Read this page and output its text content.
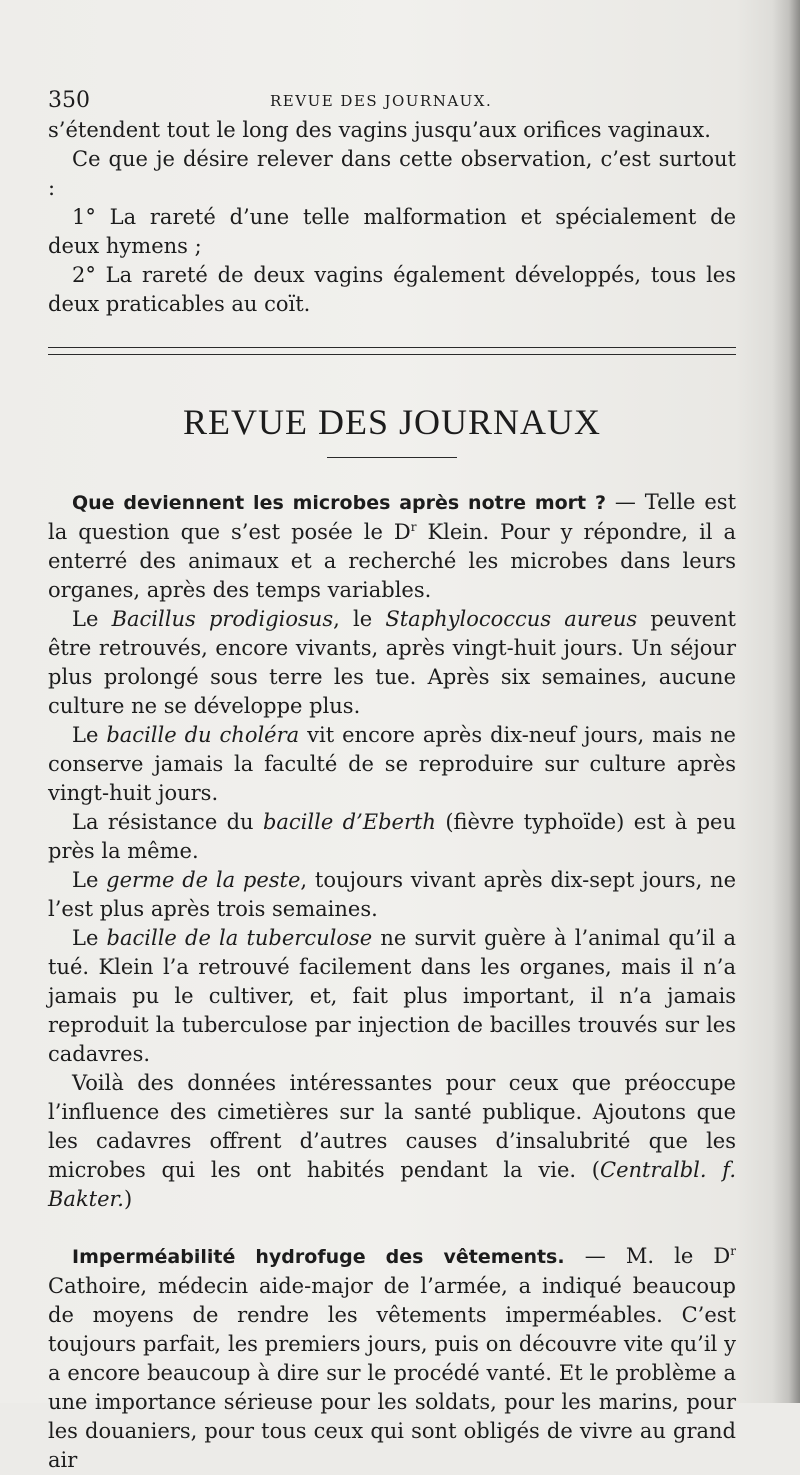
350	REVUE DES JOURNAUX.

s’étendent tout le long des vagins jusqu’aux orifices vaginaux.

Ce que je désire relever dans cette observation, c’est surtout :

1° La rareté d’une telle malformation et spécialement de deux hymens ;

2° La rareté de deux vagins également développés, tous les deux praticables au coït.

REVUE DES JOURNAUX

Que deviennent les microbes après notre mort ? — Telle est la question que s’est posée le $D^r$ Klein. Pour y répondre, il a enterré des animaux et a recherché les microbes dans leurs organes, après des temps variables.

Le Bacillus prodigiosus, le Staphylococcus aureus peuvent être retrouvés, encore vivants, après vingt-huit jours. Un séjour plus prolongé sous terre les tue. Après six semaines, aucune culture ne se développe plus.

Le bacille du choléra vit encore après dix-neuf jours, mais ne conserve jamais la faculté de se reproduire sur culture après vingt-huit jours.

La résistance du bacille d’Eberth (fièvre typhoïde) est à peu près la même.

Le germe de la peste, toujours vivant après dix-sept jours, ne l’est plus après trois semaines.

Le bacille de la tuberculose ne survit guère à l’animal qu’il a tué. Klein l’a retrouvé facilement dans les organes, mais il n’a jamais pu le cultiver, et, fait plus important, il n’a jamais reproduit la tuberculose par injection de bacilles trouvés sur les cadavres.

Voilà des données intéressantes pour ceux que préoccupe l’influence des cimetières sur la santé publique. Ajoutons que les cadavres offrent d’autres causes d’insalubrité que les microbes qui les ont habités pendant la vie. (Centralbl. f. Bakter.)

Imperméabilité hydrofuge des vêtements. — M. le $D^r$ Cathoire, médecin aide-major de l’armée, a indiqué beaucoup de moyens de rendre les vêtements imperméables. C’est toujours parfait, les premiers jours, puis on découvre vite qu’il y a encore beaucoup à dire sur le procédé vanté. Et le problème a une importance sérieuse pour les soldats, pour les marins, pour les douaniers, pour tous ceux qui sont obligés de vivre au grand air
